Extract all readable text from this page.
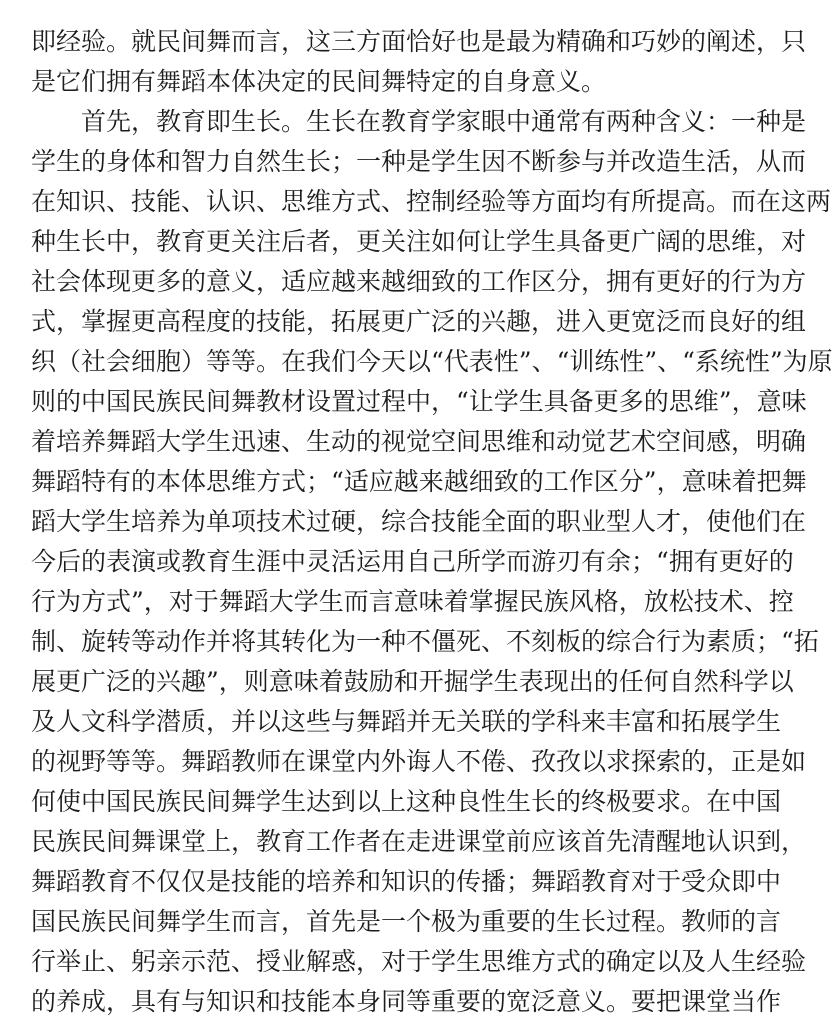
即经验。就民间舞而言，这三方面恰好也是最为精确和巧妙的阐述，只
是它们拥有舞蹈本体决定的民间舞特定的自身意义。
首先，教育即生长。生长在教育学家眼中通常有两种含义：一种是
学生的身体和智力自然生长；一种是学生因不断参与并改造生活，从而
在知识、技能、认识、思维方式、控制经验等方面均有所提高。而在这两
种生长中，教育更关注后者，更关注如何让学生具备更广阔的思维，对
社会体现更多的意义，适应越来越细致的工作区分，拥有更好的行为方
式，掌握更高程度的技能，拓展更广泛的兴趣，进入更宽泛而良好的组
织（社会细胞）等等。在我们今天以“代表性”、“训练性”、“系统性”为原
则的中国民族民间舞教材设置过程中，“让学生具备更多的思维”，意味
着培养舞蹈大学生迅速、生动的视觉空间思维和动觉艺术空间感，明确
舞蹈特有的本体思维方式；“适应越来越细致的工作区分”，意味着把舞
蹈大学生培养为单项技术过硬，综合技能全面的职业型人才，使他们在
今后的表演或教育生涯中灵活运用自己所学而游刃有余；“拥有更好的
行为方式”，对于舞蹈大学生而言意味着掌握民族风格，放松技术、控
制、旋转等动作并将其转化为一种不僵死、不刻板的综合行为素质；“拓
展更广泛的兴趣”，则意味着鼓励和开掘学生表现出的任何自然科学以
及人文科学潜质，并以这些与舞蹈并无关联的学科来丰富和拓展学生
的视野等等。舞蹈教师在课堂内外诲人不倦、孜孜以求探索的，正是如
何使中国民族民间舞学生达到以上这种良性生长的终极要求。在中国
民族民间舞课堂上，教育工作者在走进课堂前应该首先清醒地认识到，
舞蹈教育不仅仅是技能的培养和知识的传播；舞蹈教育对于受众即中
国民族民间舞学生而言，首先是一个极为重要的生长过程。教师的言
行举止、躬亲示范、授业解惑，对于学生思维方式的确定以及人生经验
的养成，具有与知识和技能本身同等重要的宽泛意义。要把课堂当作
